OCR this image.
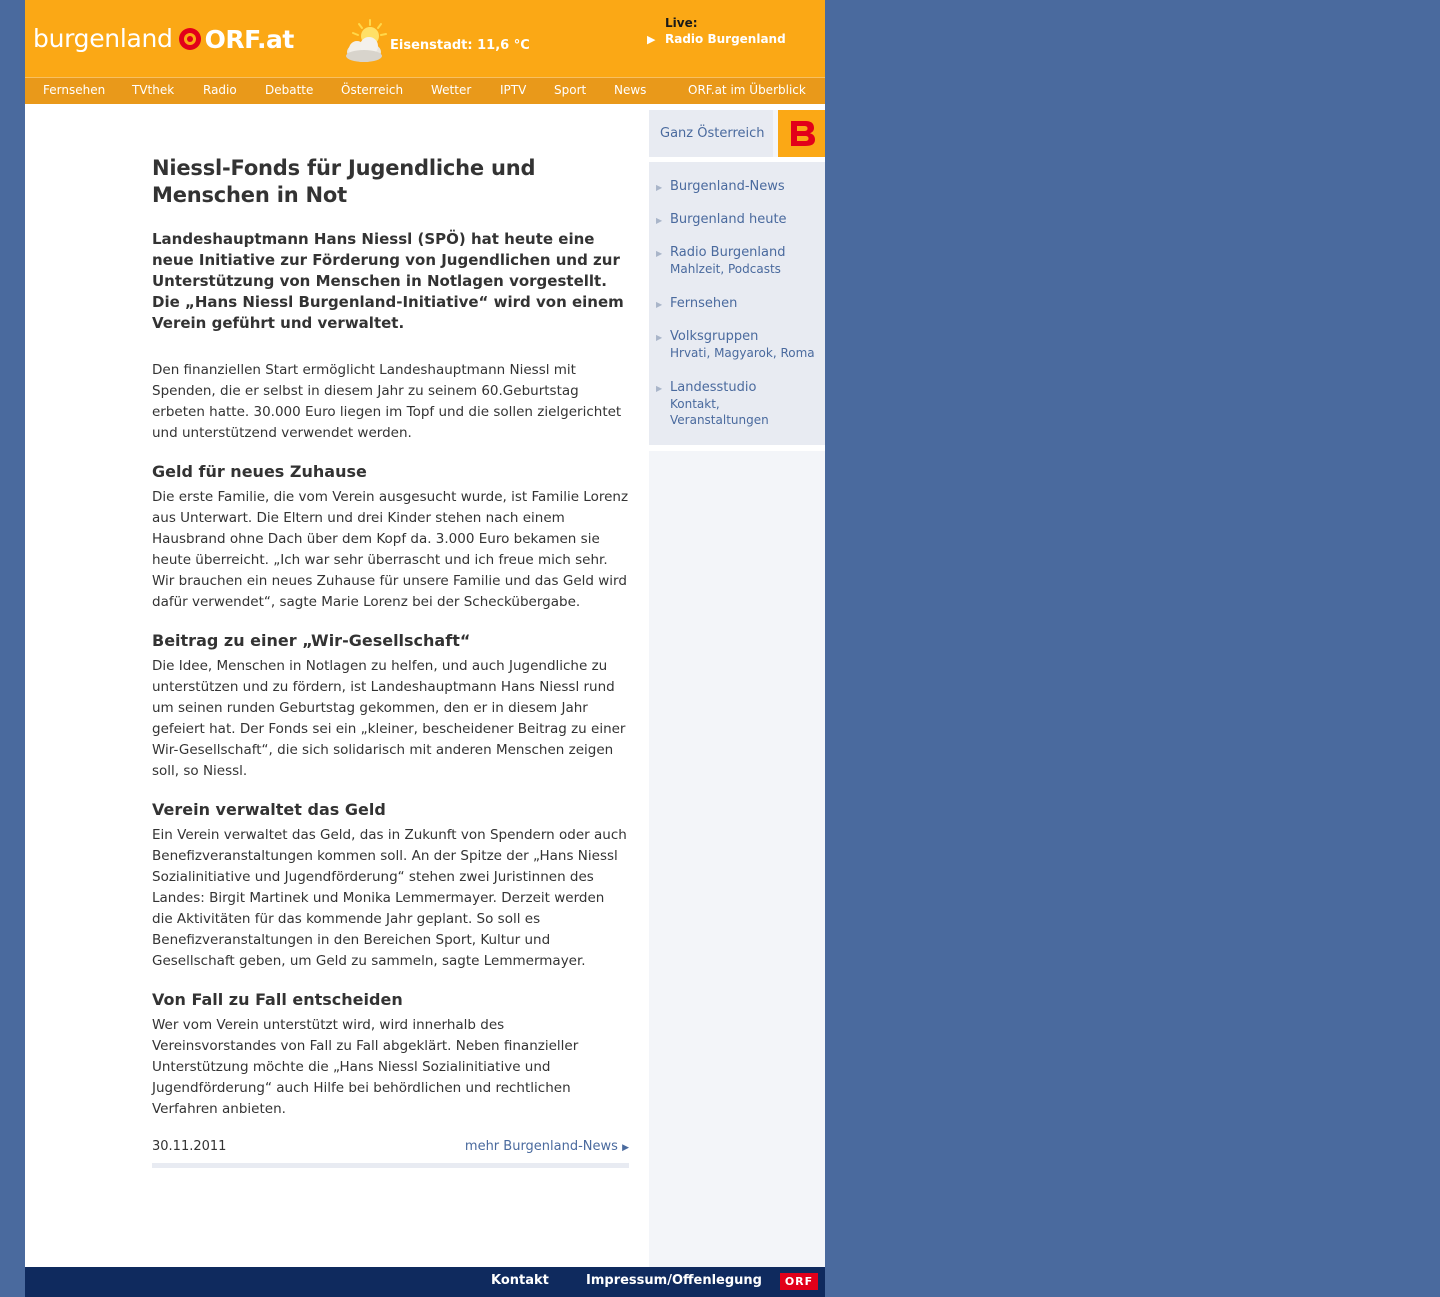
burgenland ORF.at	Eisenstadt: 11,6 °C
Live:
▶ Radio Burgenland
Fernsehen TVthek Radio Debatte Österreich Wetter IPTV Sport News	ORF.at im Überblick
Niessl-Fonds für Jugendliche und Menschen in Not

Landeshauptmann Hans Niessl (SPÖ) hat heute eine neue Initiative zur Förderung von Jugendlichen und zur Unterstützung von Menschen in Notlagen vorgestellt. Die „Hans Niessl Burgenland-Initiative“ wird von einem Verein geführt und verwaltet.

Den finanziellen Start ermöglicht Landeshauptmann Niessl mit Spenden, die er selbst in diesem Jahr zu seinem 60.Geburtstag erbeten hatte. 30.000 Euro liegen im Topf und die sollen zielgerichtet und unterstützend verwendet werden.

Geld für neues Zuhause

Die erste Familie, die vom Verein ausgesucht wurde, ist Familie Lorenz aus Unterwart. Die Eltern und drei Kinder stehen nach einem Hausbrand ohne Dach über dem Kopf da. 3.000 Euro bekamen sie heute überreicht. „Ich war sehr überrascht und ich freue mich sehr. Wir brauchen ein neues Zuhause für unsere Familie und das Geld wird dafür verwendet“, sagte Marie Lorenz bei der Scheckübergabe.

Beitrag zu einer „Wir-Gesellschaft“

Die Idee, Menschen in Notlagen zu helfen, und auch Jugendliche zu unterstützen und zu fördern, ist Landeshauptmann Hans Niessl rund um seinen runden Geburtstag gekommen, den er in diesem Jahr gefeiert hat. Der Fonds sei ein „kleiner, bescheidener Beitrag zu einer Wir-Gesellschaft“, die sich solidarisch mit anderen Menschen zeigen soll, so Niessl.

Verein verwaltet das Geld

Ein Verein verwaltet das Geld, das in Zukunft von Spendern oder auch Benefizveranstaltungen kommen soll. An der Spitze der „Hans Niessl Sozialinitiative und Jugendförderung“ stehen zwei Juristinnen des Landes: Birgit Martinek und Monika Lemmermayer. Derzeit werden die Aktivitäten für das kommende Jahr geplant. So soll es Benefizveranstaltungen in den Bereichen Sport, Kultur und Gesellschaft geben, um Geld zu sammeln, sagte Lemmermayer.

Von Fall zu Fall entscheiden

Wer vom Verein unterstützt wird, wird innerhalb des Vereinsvorstandes von Fall zu Fall abgeklärt. Neben finanzieller Unterstützung möchte die „Hans Niessl Sozialinitiative und Jugendförderung“ auch Hilfe bei behördlichen und rechtlichen Verfahren anbieten.

30.11.2011	mehr Burgenland-News ▶
Ganz Österreich
▶ Burgenland-News
▶ Burgenland heute
▶ Radio Burgenland
Mahlzeit, Podcasts
▶ Fernsehen
▶ Volksgruppen
Hrvati, Magyarok, Roma
▶ Landesstudio
Kontakt, Veranstaltungen
Kontakt	Impressum/Offenlegung	ORF
